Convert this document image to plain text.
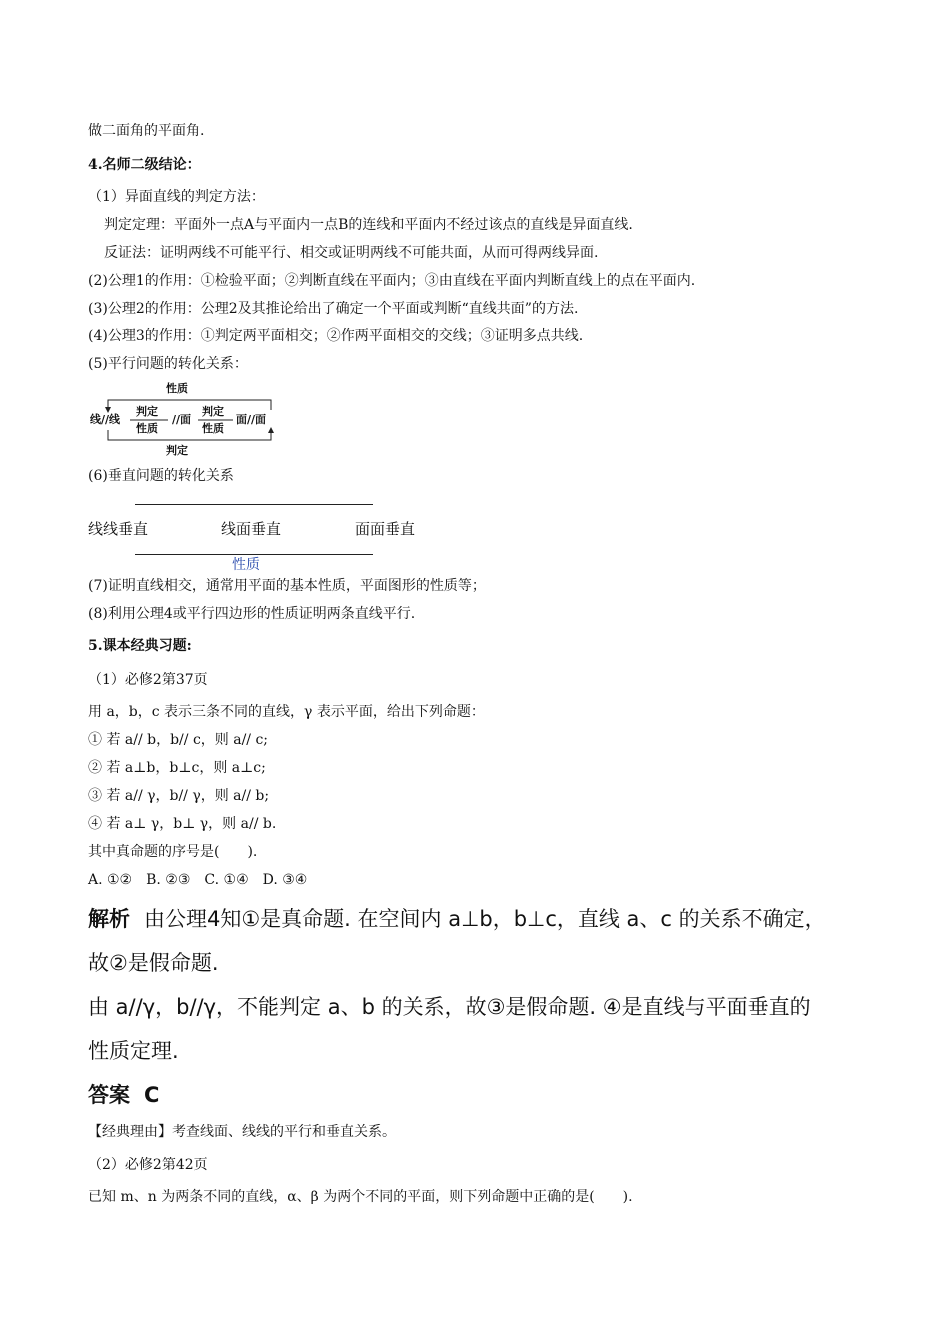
做二面角的平面角.
4.名师二级结论：
（1）异面直线的判定方法：
判定定理：平面外一点A与平面内一点B的连线和平面内不经过该点的直线是异面直线.
反证法：证明两线不可能平行、相交或证明两线不可能共面，从而可得两线异面.
(2)公理1的作用：①检验平面；②判断直线在平面内；③由直线在平面内判断直线上的点在平面内.
(3)公理2的作用：公理2及其推论给出了确定一个平面或判断“直线共面”的方法.
(4)公理3的作用：①判定两平面相交；②作两平面相交的交线；③证明多点共线.
(5)平行问题的转化关系：
性质
线//线
判定
性质
//面
判定
性质
面//面
判定
(6)垂直问题的转化关系
线线垂直	线面垂直	面面垂直
性质
(7)证明直线相交，通常用平面的基本性质，平面图形的性质等；
(8)利用公理4或平行四边形的性质证明两条直线平行.
5.课本经典习题:
（1）必修2第37页
用 a，b，c 表示三条不同的直线，γ 表示平面，给出下列命题：
① 若 a// b，b// c，则 a// c;
② 若 a⊥b，b⊥c，则 a⊥c;
③ 若 a// γ，b// γ，则 a// b;
④ 若 a⊥ γ，b⊥ γ，则 a// b.
其中真命题的序号是(　　).
A. ①②　B. ②③　C. ①④　D. ③④
解析 由公理4知①是真命题. 在空间内 a⊥b，b⊥c，直线 a、c 的关系不确定，
故②是假命题.
由 a//γ，b//γ，不能判定 a、b 的关系，故③是假命题. ④是直线与平面垂直的
性质定理.
答案 C
【经典理由】考查线面、线线的平行和垂直关系。
（2）必修2第42页
已知 m、n 为两条不同的直线，α、β 为两个不同的平面，则下列命题中正确的是(　　).
